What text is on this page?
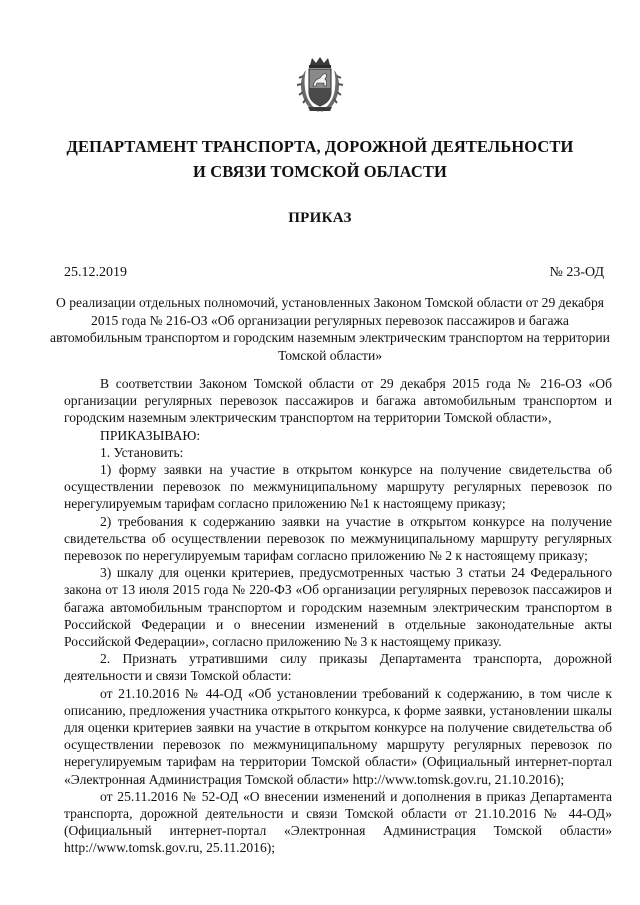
ДЕПАРТАМЕНТ ТРАНСПОРТА, ДОРОЖНОЙ ДЕЯТЕЛЬНОСТИ
И СВЯЗИ ТОМСКОЙ ОБЛАСТИ
ПРИКАЗ
25.12.2019	№ 23-ОД
О реализации отдельных полномочий, установленных Законом Томской области от 29 декабря 2015 года № 216-ОЗ «Об организации регулярных перевозок пассажиров и багажа автомобильным транспортом и городским наземным электрическим транспортом на территории Томской области»

В соответствии Законом Томской области от 29 декабря 2015 года № 216-ОЗ «Об организации регулярных перевозок пассажиров и багажа автомобильным транспортом и городским наземным электрическим транспортом на территории Томской области»,

ПРИКАЗЫВАЮ:

1. Установить:

1) форму заявки на участие в открытом конкурсе на получение свидетельства об осуществлении перевозок по межмуниципальному маршруту регулярных перевозок по нерегулируемым тарифам согласно приложению №1 к настоящему приказу;

2) требования к содержанию заявки на участие в открытом конкурсе на получение свидетельства об осуществлении перевозок по межмуниципальному маршруту регулярных перевозок по нерегулируемым тарифам согласно приложению № 2 к настоящему приказу;

3) шкалу для оценки критериев, предусмотренных частью 3 статьи 24 Федерального закона от 13 июля 2015 года № 220-ФЗ «Об организации регулярных перевозок пассажиров и багажа автомобильным транспортом и городским наземным электрическим транспортом в Российской Федерации и о внесении изменений в отдельные законодательные акты Российской Федерации», согласно приложению № 3 к настоящему приказу.

2. Признать утратившими силу приказы Департамента транспорта, дорожной деятельности и связи Томской области:

от 21.10.2016 № 44-ОД «Об установлении требований к содержанию, в том числе к описанию, предложения участника открытого конкурса, к форме заявки, установлении шкалы для оценки критериев заявки на участие в открытом конкурсе на получение свидетельства об осуществлении перевозок по межмуниципальному маршруту регулярных перевозок по нерегулируемым тарифам на территории Томской области» (Официальный интернет-портал «Электронная Администрация Томской области» http://www.tomsk.gov.ru, 21.10.2016);

от 25.11.2016 № 52-ОД «О внесении изменений и дополнения в приказ Департамента транспорта, дорожной деятельности и связи Томской области от 21.10.2016 № 44-ОД» (Официальный интернет-портал «Электронная Администрация Томской области» http://www.tomsk.gov.ru, 25.11.2016);
